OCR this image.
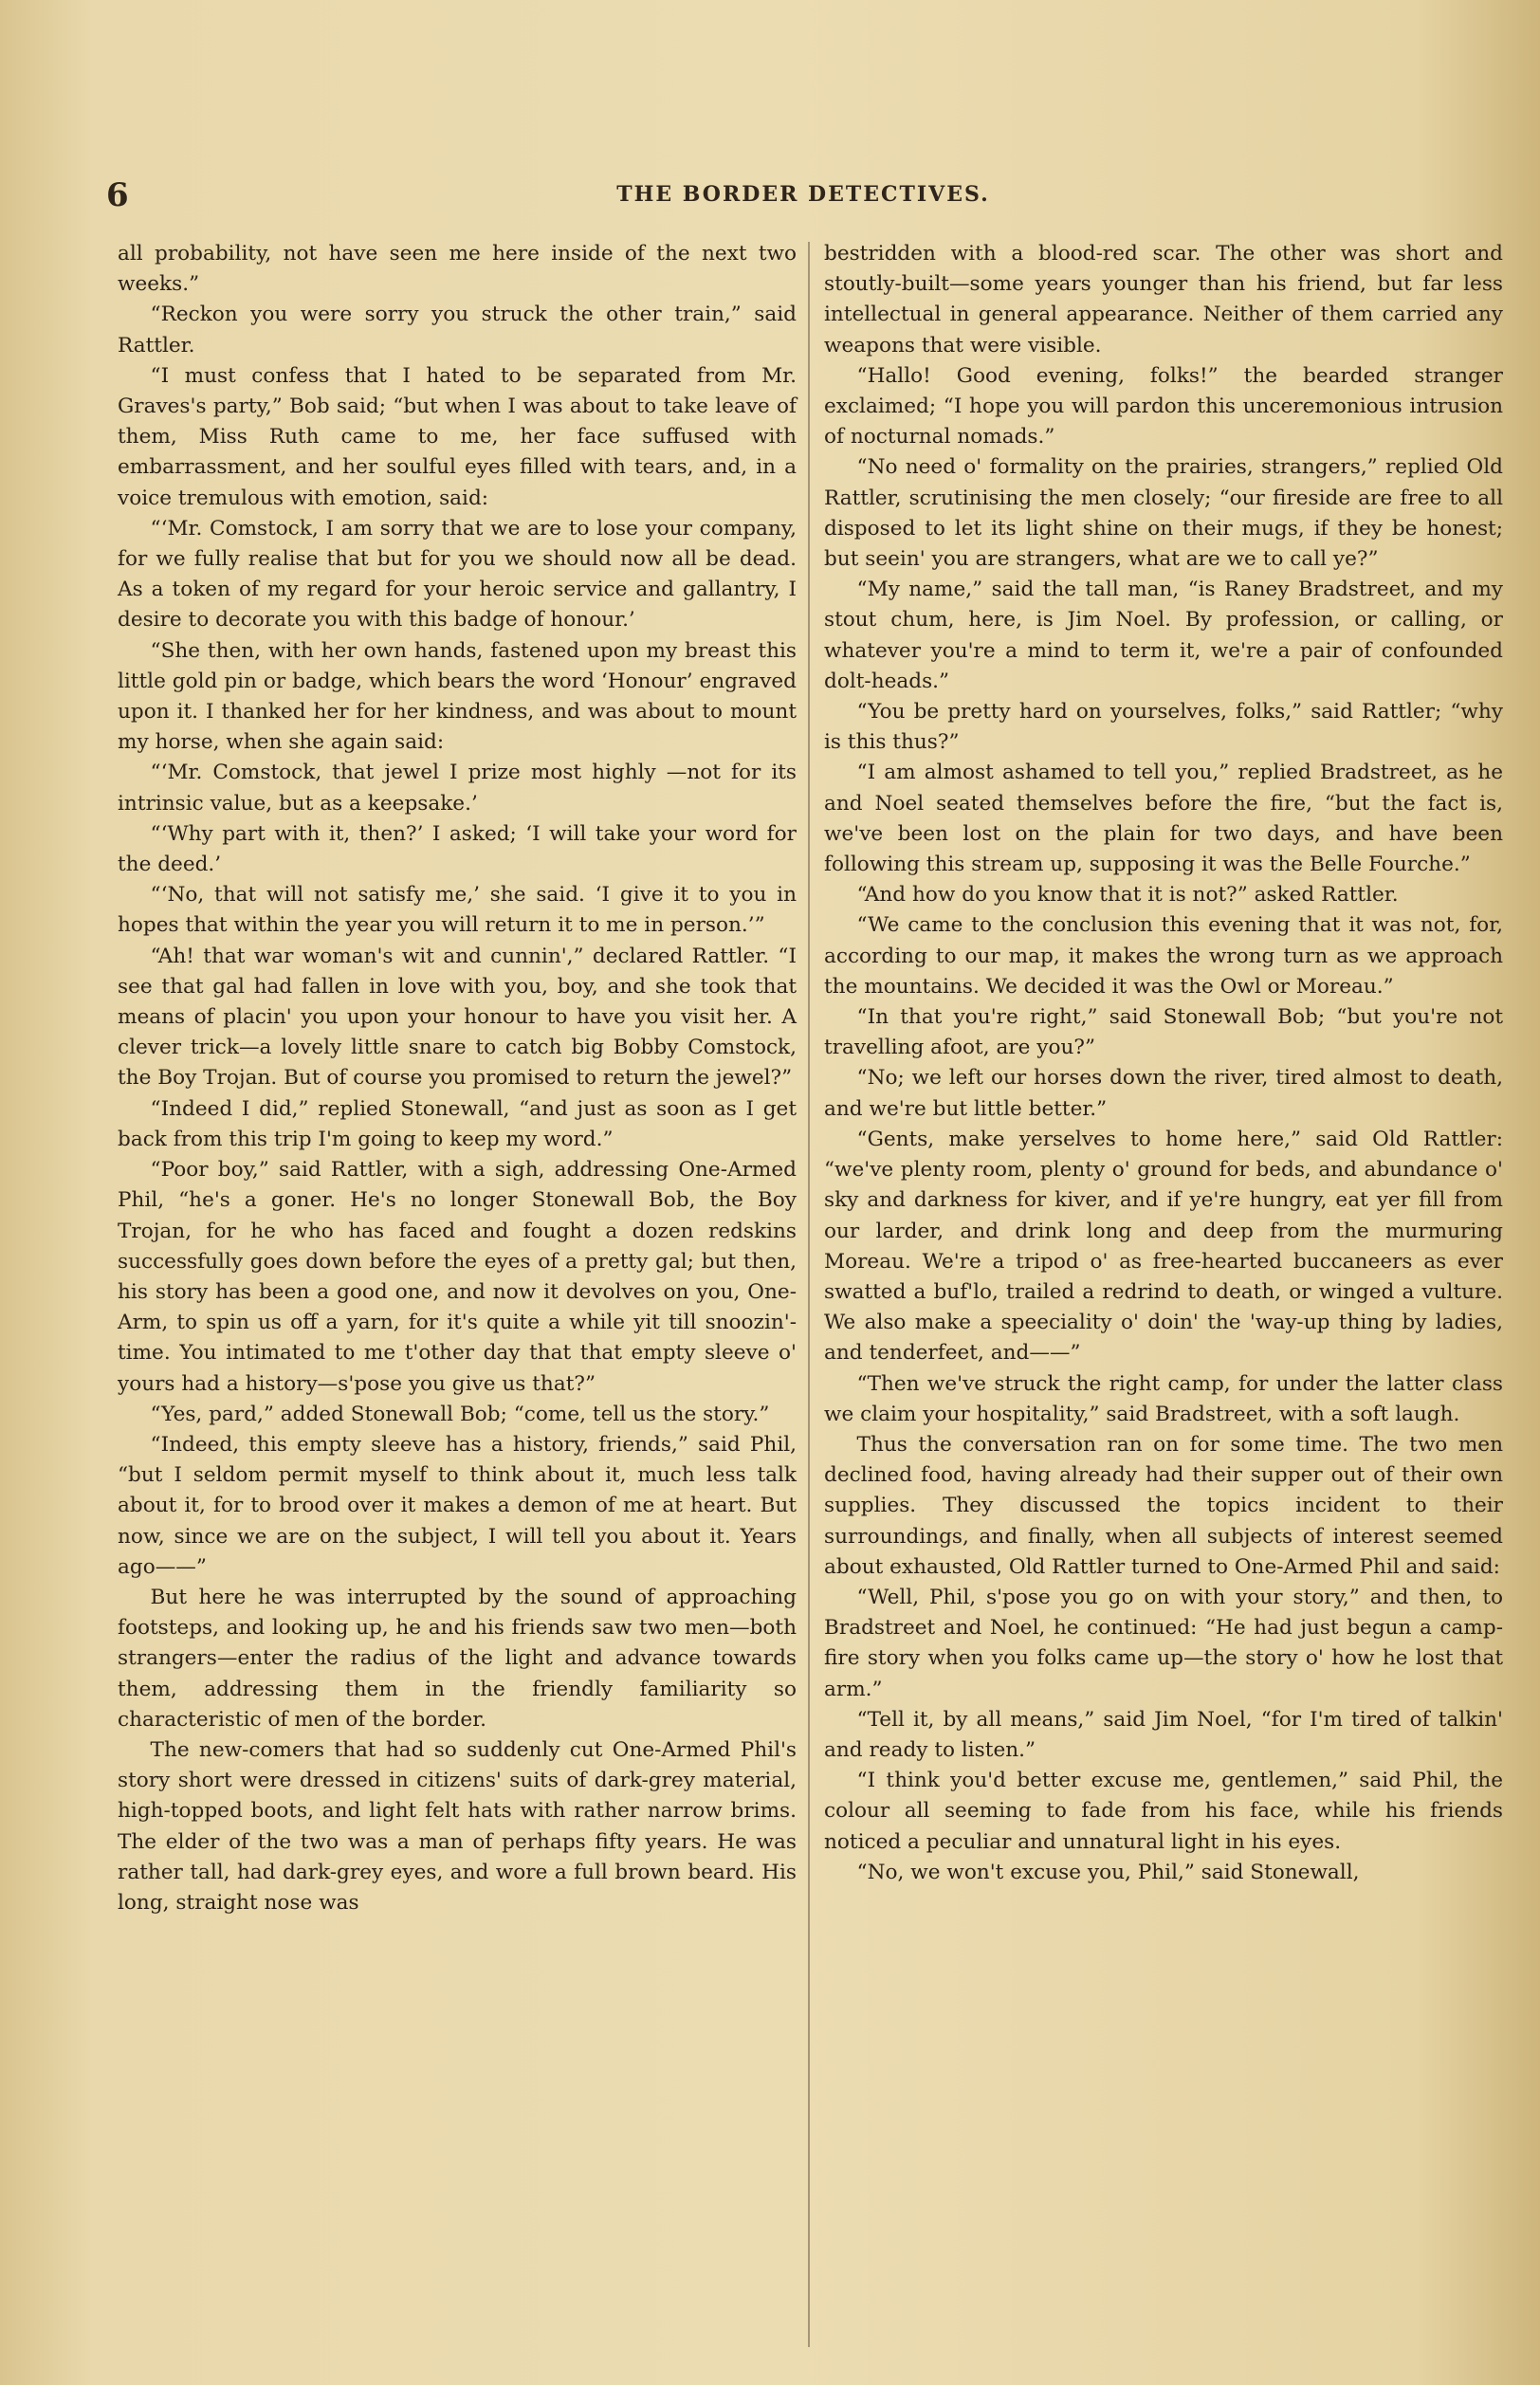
6	THE BORDER DETECTIVES.

all probability, not have seen me here inside of the next two weeks.”

“Reckon you were sorry you struck the other train,” said Rattler.

“I must confess that I hated to be separated from Mr. Graves's party,” Bob said; “but when I was about to take leave of them, Miss Ruth came to me, her face suffused with embarrassment, and her soulful eyes filled with tears, and, in a voice tremulous with emotion, said:

“‘Mr. Comstock, I am sorry that we are to lose your company, for we fully realise that but for you we should now all be dead. As a token of my regard for your heroic service and gallantry, I desire to decorate you with this badge of honour.’

“She then, with her own hands, fastened upon my breast this little gold pin or badge, which bears the word ‘Honour’ engraved upon it. I thanked her for her kindness, and was about to mount my horse, when she again said:

“‘Mr. Comstock, that jewel I prize most highly —not for its intrinsic value, but as a keepsake.’

“‘Why part with it, then?’ I asked; ‘I will take your word for the deed.’

“‘No, that will not satisfy me,’ she said. ‘I give it to you in hopes that within the year you will return it to me in person.’”

“Ah! that war woman's wit and cunnin',” declared Rattler. “I see that gal had fallen in love with you, boy, and she took that means of placin' you upon your honour to have you visit her. A clever trick—a lovely little snare to catch big Bobby Comstock, the Boy Trojan. But of course you promised to return the jewel?”

“Indeed I did,” replied Stonewall, “and just as soon as I get back from this trip I'm going to keep my word.”

“Poor boy,” said Rattler, with a sigh, addressing One-Armed Phil, “he's a goner. He's no longer Stonewall Bob, the Boy Trojan, for he who has faced and fought a dozen redskins successfully goes down before the eyes of a pretty gal; but then, his story has been a good one, and now it devolves on you, One-Arm, to spin us off a yarn, for it's quite a while yit till snoozin'-time. You intimated to me t'other day that that empty sleeve o' yours had a history—s'pose you give us that?”

“Yes, pard,” added Stonewall Bob; “come, tell us the story.”

“Indeed, this empty sleeve has a history, friends,” said Phil, “but I seldom permit myself to think about it, much less talk about it, for to brood over it makes a demon of me at heart. But now, since we are on the subject, I will tell you about it. Years ago——”

But here he was interrupted by the sound of approaching footsteps, and looking up, he and his friends saw two men—both strangers—enter the radius of the light and advance towards them, addressing them in the friendly familiarity so characteristic of men of the border.

The new-comers that had so suddenly cut One-Armed Phil's story short were dressed in citizens' suits of dark-grey material, high-topped boots, and light felt hats with rather narrow brims. The elder of the two was a man of perhaps fifty years. He was rather tall, had dark-grey eyes, and wore a full brown beard. His long, straight nose was

bestridden with a blood-red scar. The other was short and stoutly-built—some years younger than his friend, but far less intellectual in general appearance. Neither of them carried any weapons that were visible.

“Hallo! Good evening, folks!” the bearded stranger exclaimed; “I hope you will pardon this unceremonious intrusion of nocturnal nomads.”

“No need o' formality on the prairies, strangers,” replied Old Rattler, scrutinising the men closely; “our fireside are free to all disposed to let its light shine on their mugs, if they be honest; but seein' you are strangers, what are we to call ye?”

“My name,” said the tall man, “is Raney Bradstreet, and my stout chum, here, is Jim Noel. By profession, or calling, or whatever you're a mind to term it, we're a pair of confounded dolt-heads.”

“You be pretty hard on yourselves, folks,” said Rattler; “why is this thus?”

“I am almost ashamed to tell you,” replied Bradstreet, as he and Noel seated themselves before the fire, “but the fact is, we've been lost on the plain for two days, and have been following this stream up, supposing it was the Belle Fourche.”

“And how do you know that it is not?” asked Rattler.

“We came to the conclusion this evening that it was not, for, according to our map, it makes the wrong turn as we approach the mountains. We decided it was the Owl or Moreau.”

“In that you're right,” said Stonewall Bob; “but you're not travelling afoot, are you?”

“No; we left our horses down the river, tired almost to death, and we're but little better.”

“Gents, make yerselves to home here,” said Old Rattler: “we've plenty room, plenty o' ground for beds, and abundance o' sky and darkness for kiver, and if ye're hungry, eat yer fill from our larder, and drink long and deep from the murmuring Moreau. We're a tripod o' as free-hearted buccaneers as ever swatted a buf'lo, trailed a redrind to death, or winged a vulture. We also make a speeciality o' doin' the 'way-up thing by ladies, and tenderfeet, and——”

“Then we've struck the right camp, for under the latter class we claim your hospitality,” said Bradstreet, with a soft laugh.

Thus the conversation ran on for some time. The two men declined food, having already had their supper out of their own supplies. They discussed the topics incident to their surroundings, and finally, when all subjects of interest seemed about exhausted, Old Rattler turned to One-Armed Phil and said:

“Well, Phil, s'pose you go on with your story,” and then, to Bradstreet and Noel, he continued: “He had just begun a camp-fire story when you folks came up—the story o' how he lost that arm.”

“Tell it, by all means,” said Jim Noel, “for I'm tired of talkin' and ready to listen.”

“I think you'd better excuse me, gentlemen,” said Phil, the colour all seeming to fade from his face, while his friends noticed a peculiar and unnatural light in his eyes.

“No, we won't excuse you, Phil,” said Stonewall,
